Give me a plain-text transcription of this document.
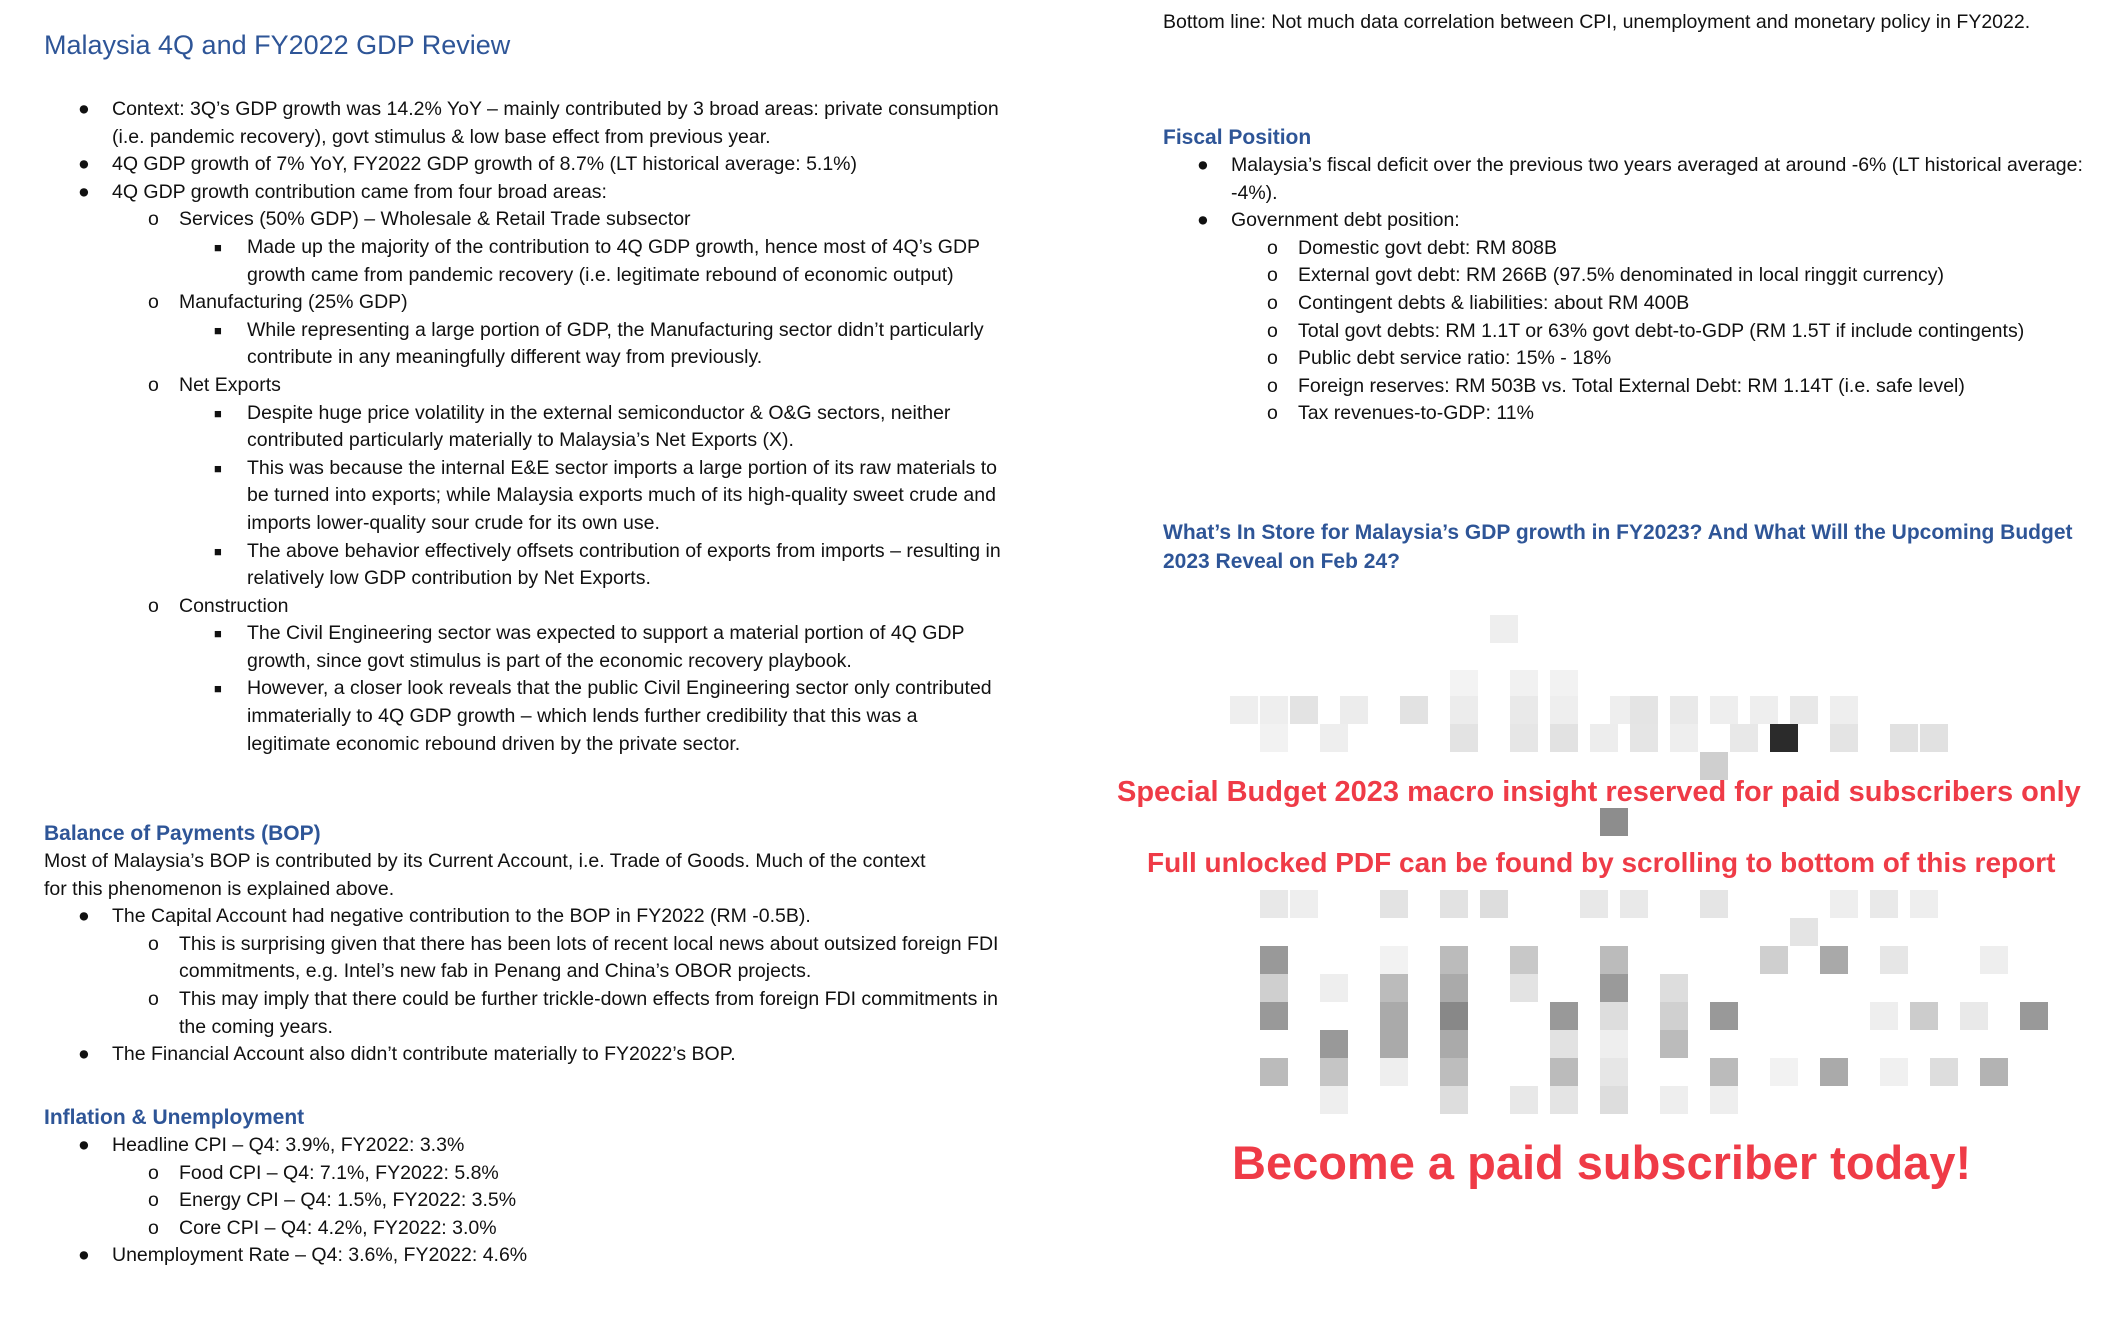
Malaysia 4Q and FY2022 GDP Review
● Context: 3Q’s GDP growth was 14.2% YoY – mainly contributed by 3 broad areas: private consumption (i.e. pandemic recovery), govt stimulus & low base effect from previous year.
● 4Q GDP growth of 7% YoY, FY2022 GDP growth of 8.7% (LT historical average: 5.1%)
● 4Q GDP growth contribution came from four broad areas:
o Services (50% GDP) – Wholesale & Retail Trade subsector
■ Made up the majority of the contribution to 4Q GDP growth, hence most of 4Q’s GDP growth came from pandemic recovery (i.e. legitimate rebound of economic output)
o Manufacturing (25% GDP)
■ While representing a large portion of GDP, the Manufacturing sector didn’t particularly contribute in any meaningfully different way from previously.
o Net Exports
■ Despite huge price volatility in the external semiconductor & O&G sectors, neither contributed particularly materially to Malaysia’s Net Exports (X).
■ This was because the internal E&E sector imports a large portion of its raw materials to be turned into exports; while Malaysia exports much of its high-quality sweet crude and imports lower-quality sour crude for its own use.
■ The above behavior effectively offsets contribution of exports from imports – resulting in relatively low GDP contribution by Net Exports.
o Construction
■ The Civil Engineering sector was expected to support a material portion of 4Q GDP growth, since govt stimulus is part of the economic recovery playbook.
■ However, a closer look reveals that the public Civil Engineering sector only contributed immaterially to 4Q GDP growth – which lends further credibility that this was a legitimate economic rebound driven by the private sector.
Balance of Payments (BOP)

Most of Malaysia’s BOP is contributed by its Current Account, i.e. Trade of Goods. Much of the context for this phenomenon is explained above.

● The Capital Account had negative contribution to the BOP in FY2022 (RM -0.5B).
o This is surprising given that there has been lots of recent local news about outsized foreign FDI commitments, e.g. Intel’s new fab in Penang and China’s OBOR projects.
o This may imply that there could be further trickle-down effects from foreign FDI commitments in the coming years.
● The Financial Account also didn’t contribute materially to FY2022’s BOP.
Inflation & Unemployment
● Headline CPI – Q4: 3.9%, FY2022: 3.3%
o Food CPI – Q4: 7.1%, FY2022: 5.8%
o Energy CPI – Q4: 1.5%, FY2022: 3.5%
o Core CPI – Q4: 4.2%, FY2022: 3.0%
● Unemployment Rate – Q4: 3.6%, FY2022: 4.6%

Bottom line: Not much data correlation between CPI, unemployment and monetary policy in FY2022.

Fiscal Position
● Malaysia’s fiscal deficit over the previous two years averaged at around -6% (LT historical average: -4%).
● Government debt position:
o Domestic govt debt: RM 808B
o External govt debt: RM 266B (97.5% denominated in local ringgit currency)
o Contingent debts & liabilities: about RM 400B
o Total govt debts: RM 1.1T or 63% govt debt-to-GDP (RM 1.5T if include contingents)
o Public debt service ratio: 15% - 18%
o Foreign reserves: RM 503B vs. Total External Debt: RM 1.14T (i.e. safe level)
o Tax revenues-to-GDP: 11%
What’s In Store for Malaysia’s GDP growth in FY2023? And What Will the Upcoming Budget 2023 Reveal on Feb 24?
Special Budget 2023 macro insight reserved for paid subscribers only
Full unlocked PDF can be found by scrolling to bottom of this report
Become a paid subscriber today!
